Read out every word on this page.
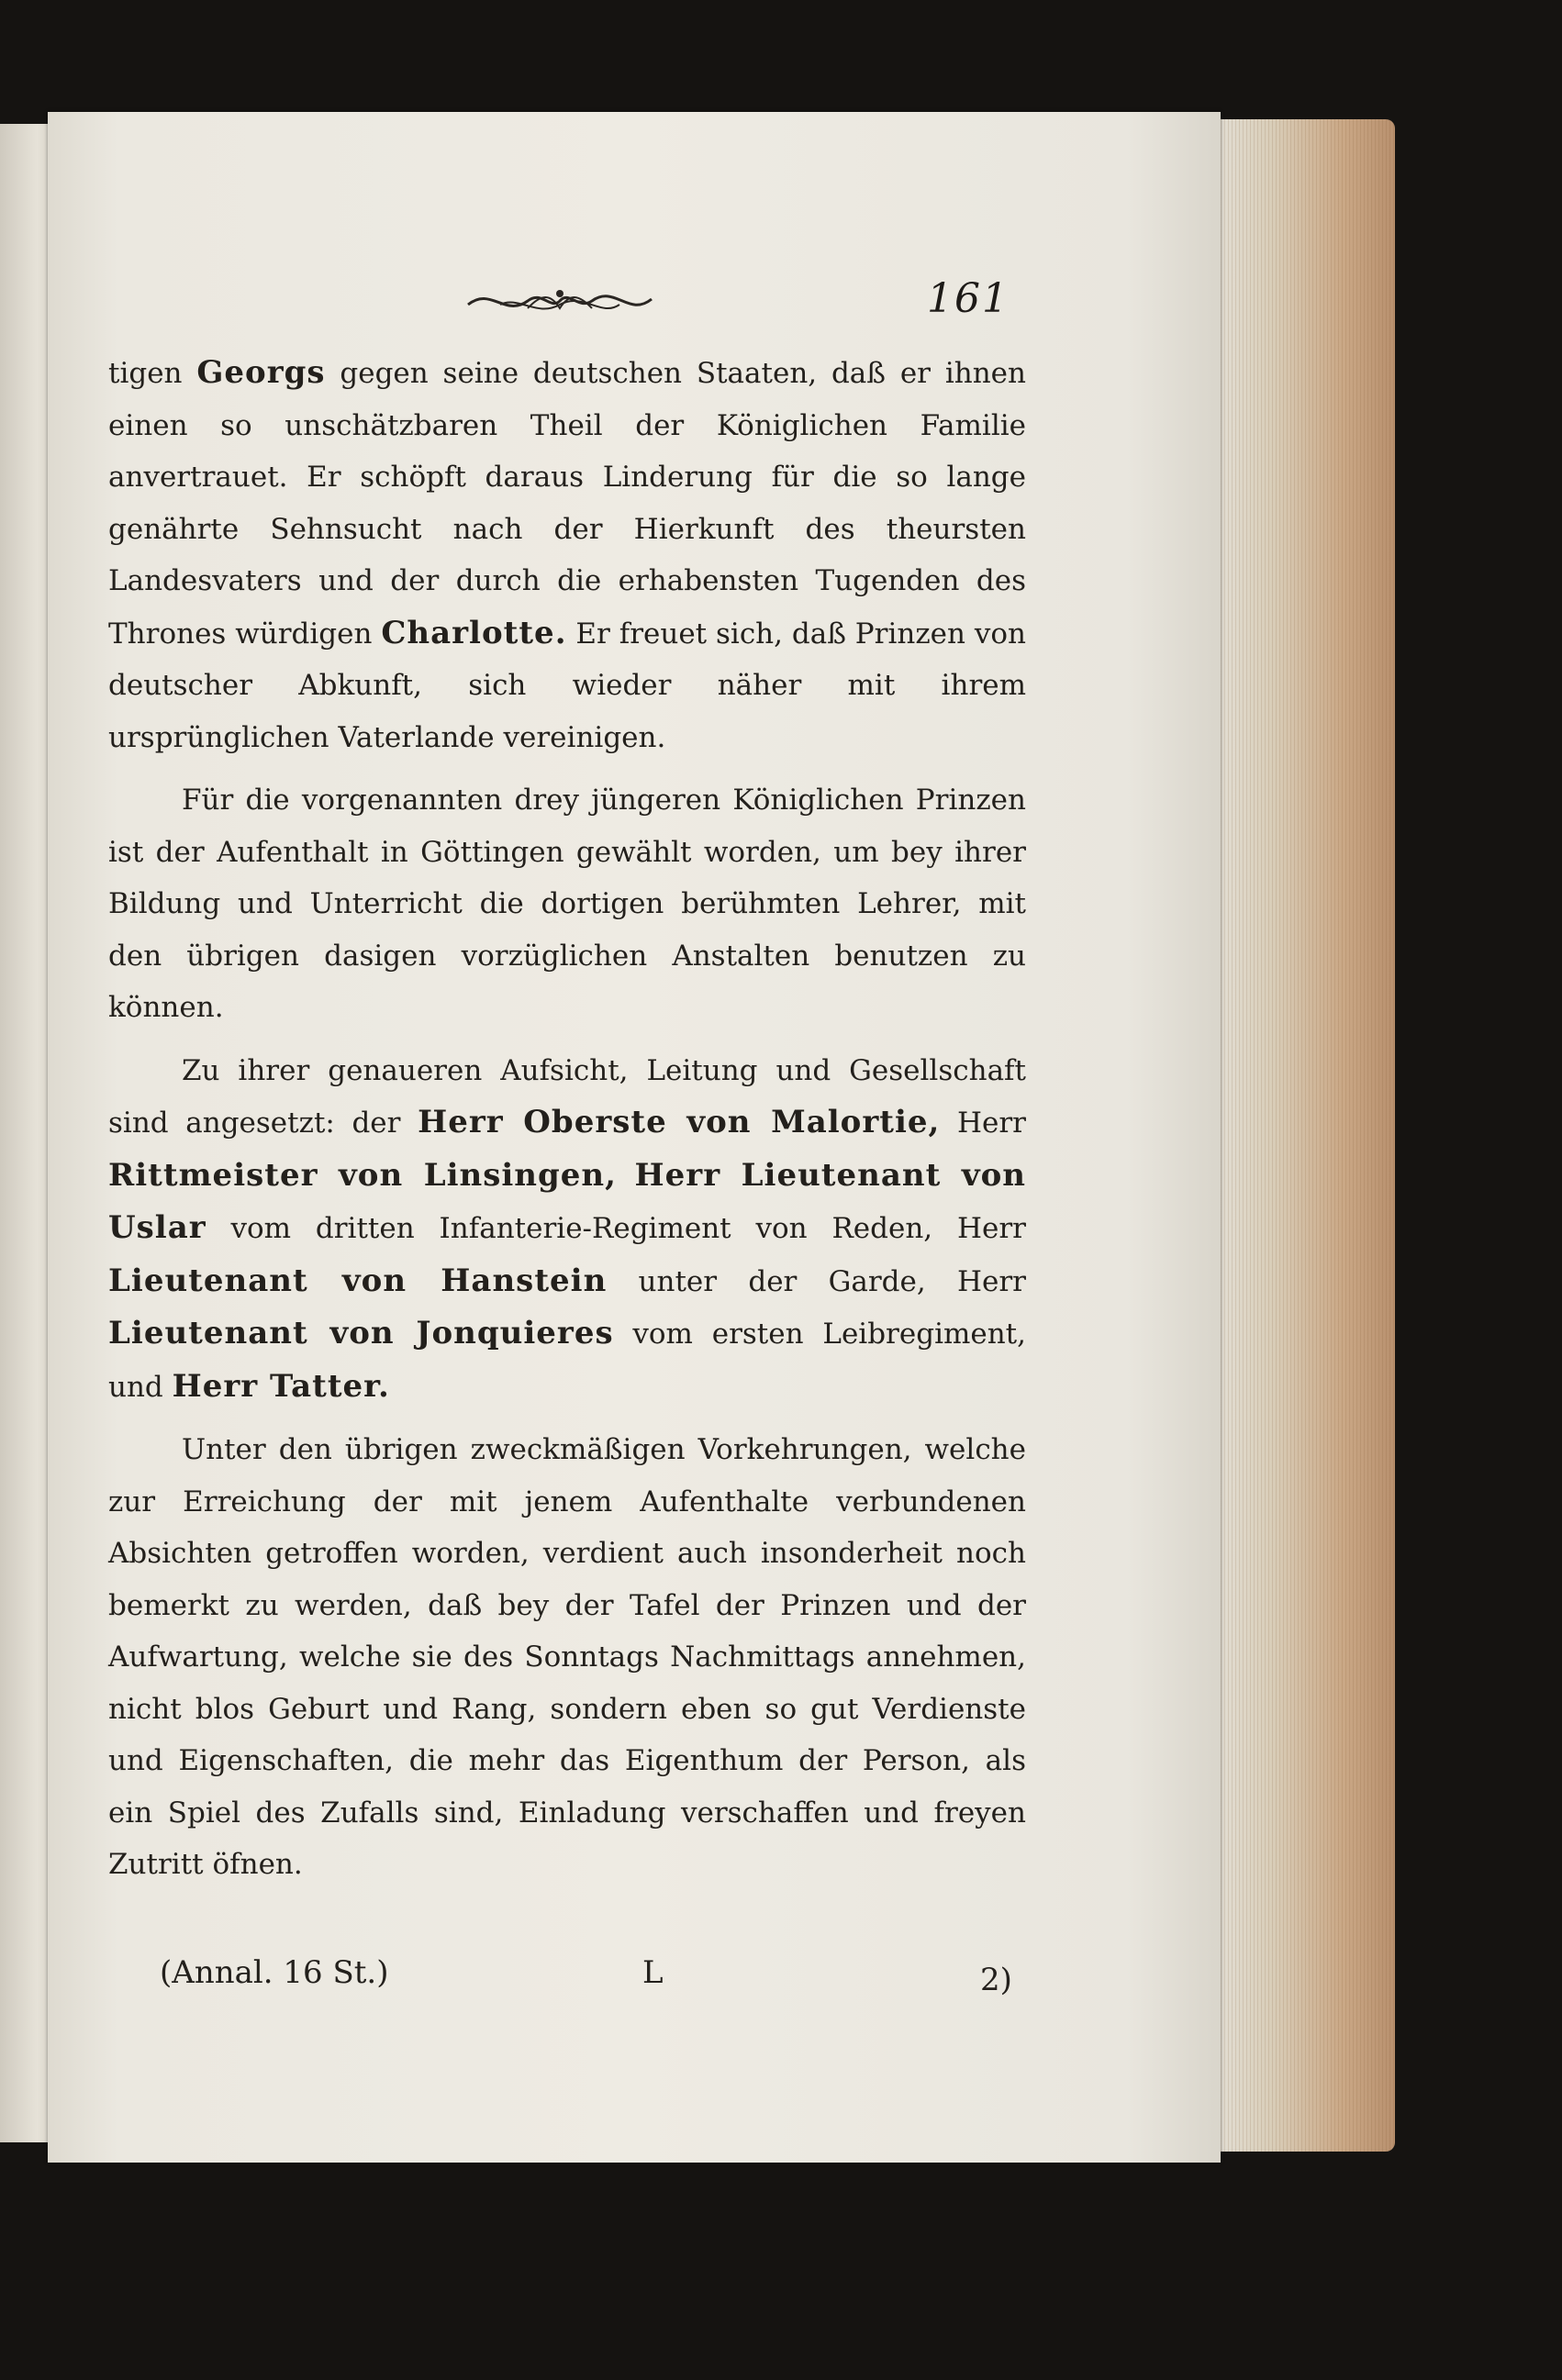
161

tigen Georgs gegen seine deutschen Staaten, daß er ihnen einen so unschätzbaren Theil der Königlichen Familie anvertrauet. Er schöpft daraus Linderung für die so lange genährte Sehnsucht nach der Hierkunft des theursten Landesvaters und der durch die erhabensten Tugenden des Thrones würdigen Charlotte. Er freuet sich, daß Prinzen von deutscher Abkunft, sich wieder näher mit ihrem ursprünglichen Vaterlande vereinigen.

Für die vorgenannten drey jüngeren Königlichen Prinzen ist der Aufenthalt in Göttingen gewählt worden, um bey ihrer Bildung und Unterricht die dortigen berühmten Lehrer, mit den übrigen dasigen vorzüglichen Anstalten benutzen zu können.

Zu ihrer genaueren Aufsicht, Leitung und Gesellschaft sind angesetzt: der Herr Oberste von Malortie, Herr Rittmeister von Linsingen, Herr Lieutenant von Uslar vom dritten Infanterie-Regiment von Reden, Herr Lieutenant von Hanstein unter der Garde, Herr Lieutenant von Jonquieres vom ersten Leibregiment, und Herr Tatter.

Unter den übrigen zweckmäßigen Vorkehrungen, welche zur Erreichung der mit jenem Aufenthalte verbundenen Absichten getroffen worden, verdient auch insonderheit noch bemerkt zu werden, daß bey der Tafel der Prinzen und der Aufwartung, welche sie des Sonntags Nachmittags annehmen, nicht blos Geburt und Rang, sondern eben so gut Verdienste und Eigenschaften, die mehr das Eigenthum der Person, als ein Spiel des Zufalls sind, Einladung verschaffen und freyen Zutritt öfnen.

(Annal. 16 St.)	L	2)
